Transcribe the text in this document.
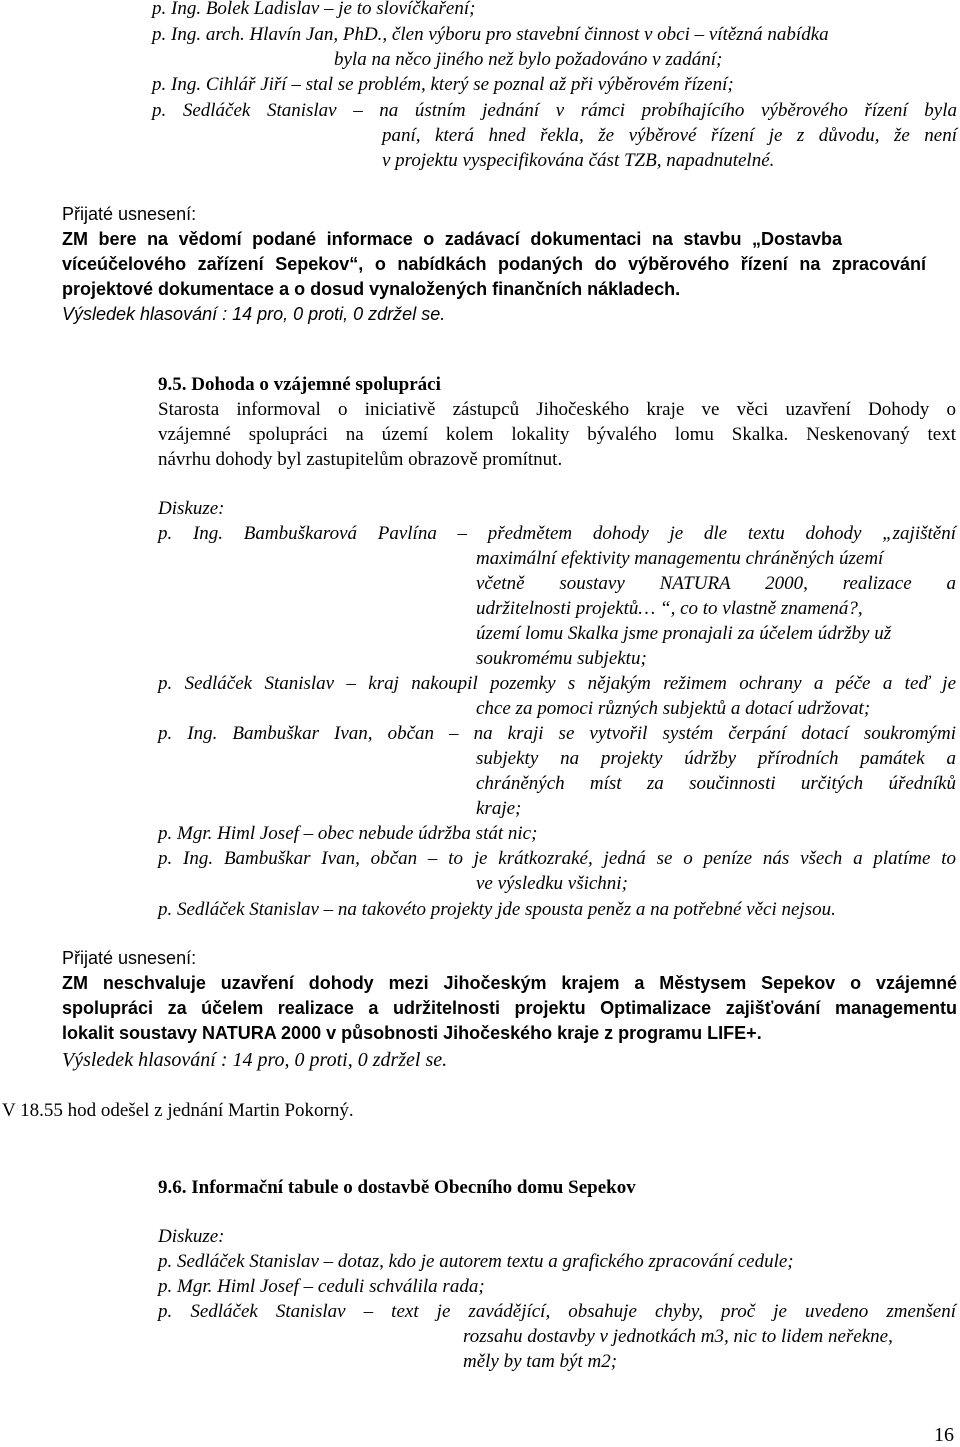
p. Ing. Bolek Ladislav – je to slovíčkaření;
p. Ing. arch. Hlavín Jan, PhD., člen výboru pro stavební činnost v obci – vítězná nabídka
byla na něco jiného než bylo požadováno v zadání;
p. Ing. Cihlář Jiří – stal se problém, který se poznal až při výběrovém řízení;
p. Sedláček Stanislav – na ústním jednání v rámci probíhajícího výběrového řízení byla
paní, která hned řekla, že výběrové řízení je z důvodu, že není
v projektu vyspecifikována část TZB, napadnutelné.
Přijaté usnesení:
ZM bere na vědomí podané informace o zadávací dokumentaci na stavbu „Dostavba
víceúčelového zařízení Sepekov“, o nabídkách podaných do výběrového řízení na zpracování
projektové dokumentace a o dosud vynaložených finančních nákladech.
Výsledek hlasování : 14 pro, 0 proti, 0 zdržel se.
9.5. Dohoda o vzájemné spolupráci
Starosta informoval o iniciativě zástupců Jihočeského kraje ve věci uzavření Dohody o
vzájemné spolupráci na území kolem lokality bývalého lomu Skalka. Neskenovaný text
návrhu dohody byl zastupitelům obrazově promítnut.
Diskuze:
p. Ing. Bambuškarová Pavlína – předmětem dohody je dle textu dohody „zajištění
maximální efektivity managementu chráněných území
včetně soustavy NATURA 2000, realizace a
udržitelnosti projektů… “, co to vlastně znamená?,
území lomu Skalka jsme pronajali za účelem údržby už
soukromému subjektu;
p. Sedláček Stanislav – kraj nakoupil pozemky s nějakým režimem ochrany a péče a teď je
chce za pomoci různých subjektů a dotací udržovat;
p. Ing. Bambuškar Ivan, občan – na kraji se vytvořil systém čerpání dotací soukromými
subjekty na projekty údržby přírodních památek a
chráněných míst za součinnosti určitých úředníků
kraje;
p. Mgr. Himl Josef – obec nebude údržba stát nic;
p. Ing. Bambuškar Ivan, občan – to je krátkozraké, jedná se o peníze nás všech a platíme to
ve výsledku všichni;
p. Sedláček Stanislav – na takovéto projekty jde spousta peněz a na potřebné věci nejsou.
Přijaté usnesení:
ZM neschvaluje uzavření dohody mezi Jihočeským krajem a Městysem Sepekov o vzájemné
spolupráci za účelem realizace a udržitelnosti projektu Optimalizace zajišťování managementu
lokalit soustavy NATURA 2000 v působnosti Jihočeského kraje z programu LIFE+.
Výsledek hlasování : 14 pro, 0 proti, 0 zdržel se.
V 18.55 hod odešel z jednání Martin Pokorný.
9.6. Informační tabule o dostavbě Obecního domu Sepekov
Diskuze:
p. Sedláček Stanislav – dotaz, kdo je autorem textu a grafického zpracování cedule;
p. Mgr. Himl Josef – ceduli schválila rada;
p. Sedláček Stanislav – text je zavádějící, obsahuje chyby, proč je uvedeno zmenšení
rozsahu dostavby v jednotkách m3, nic to lidem neřekne,
měly by tam být m2;
16
